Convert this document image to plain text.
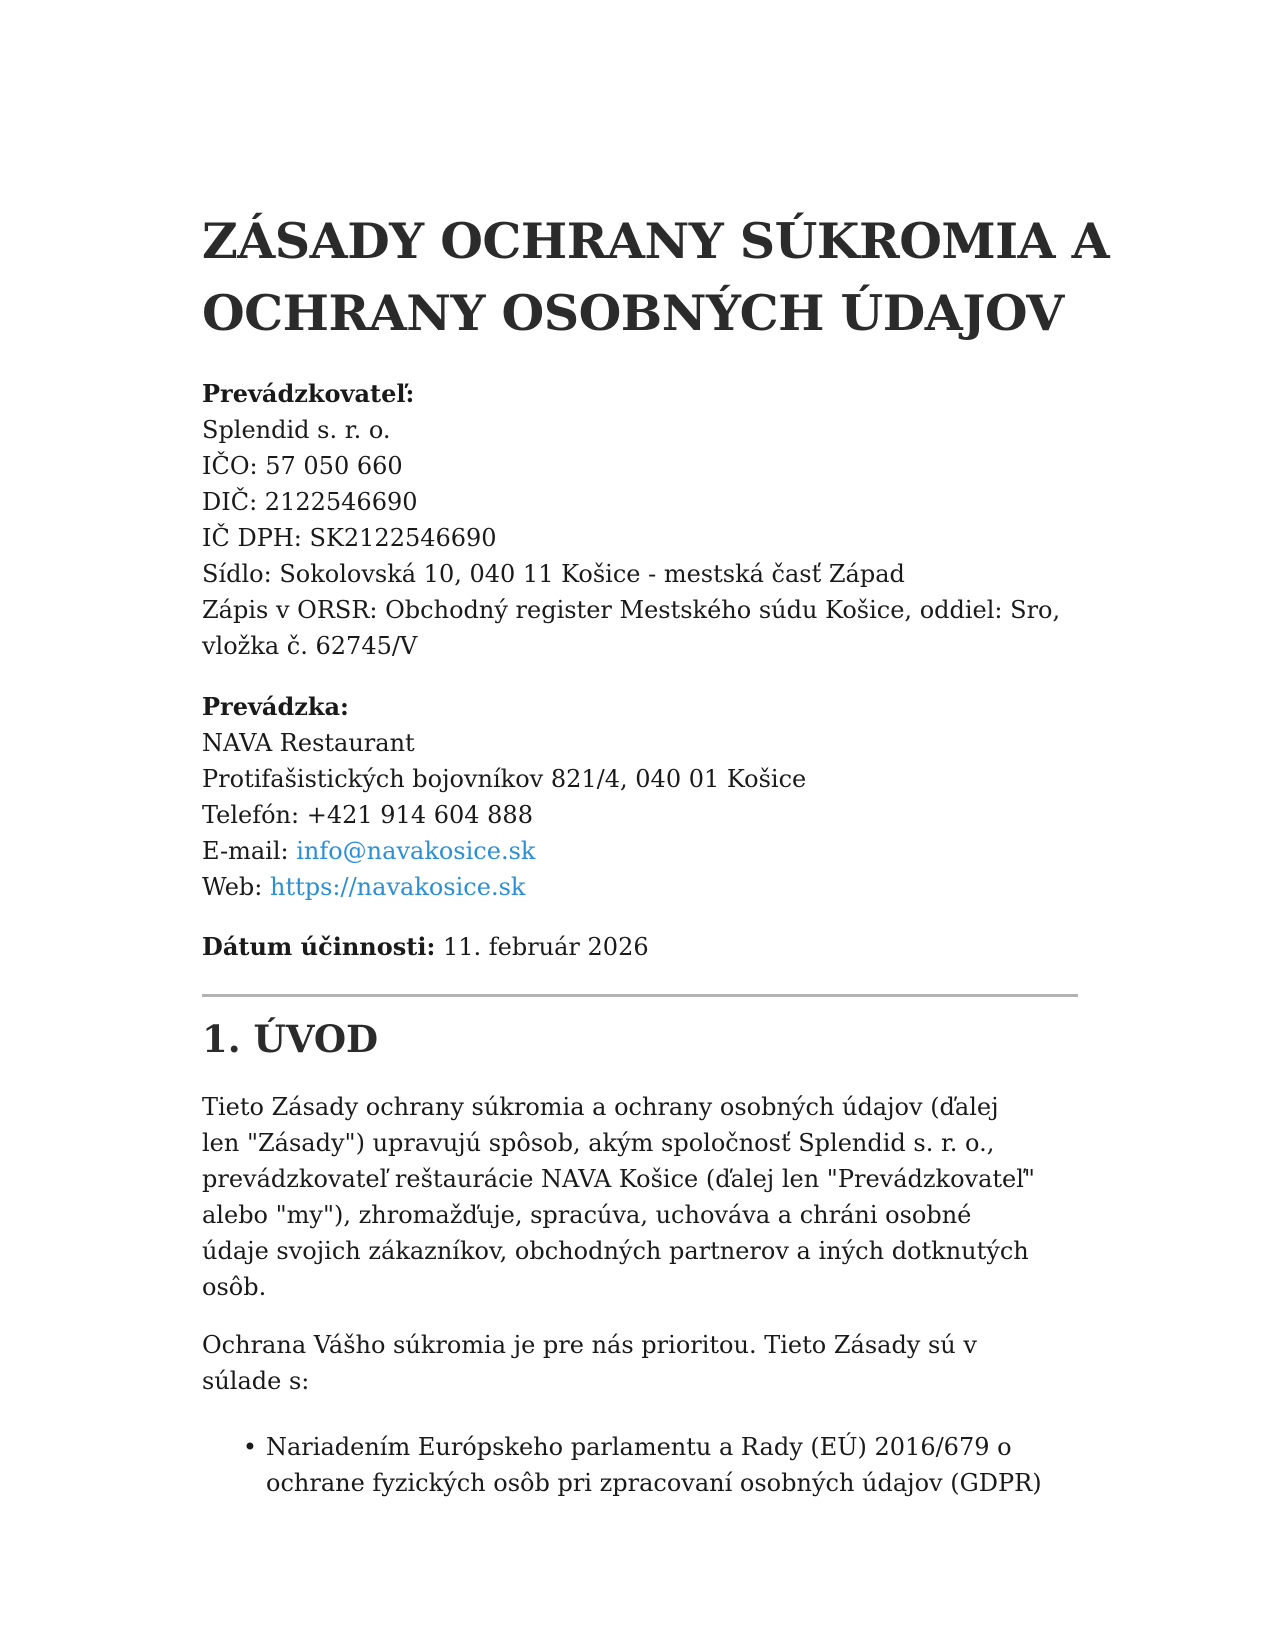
ZÁSADY OCHRANY SÚKROMIA A
OCHRANY OSOBNÝCH ÚDAJOV
Prevádzkovateľ:
Splendid s. r. o.
IČO: 57 050 660
DIČ: 2122546690
IČ DPH: SK2122546690
Sídlo: Sokolovská 10, 040 11 Košice - mestská časť Západ
Zápis v ORSR: Obchodný register Mestského súdu Košice, oddiel: Sro,
vložka č. 62745/V
Prevádzka:
NAVA Restaurant
Protifašistických bojovníkov 821/4, 040 01 Košice
Telefón: +421 914 604 888
E-mail: info@navakosice.sk
Web: https://navakosice.sk
Dátum účinnosti: 11. február 2026
1. ÚVOD
Tieto Zásady ochrany súkromia a ochrany osobných údajov (ďalej
len "Zásady") upravujú spôsob, akým spoločnosť Splendid s. r. o.,
prevádzkovateľ reštaurácie NAVA Košice (ďalej len "Prevádzkovateľ"
alebo "my"), zhromažďuje, spracúva, uchováva a chráni osobné
údaje svojich zákazníkov, obchodných partnerov a iných dotknutých
osôb.
Ochrana Vášho súkromia je pre nás prioritou. Tieto Zásady sú v
súlade s:
• Nariadením Európskeho parlamentu a Rady (EÚ) 2016/679 o
ochrane fyzických osôb pri zpracovaní osobných údajov (GDPR)
